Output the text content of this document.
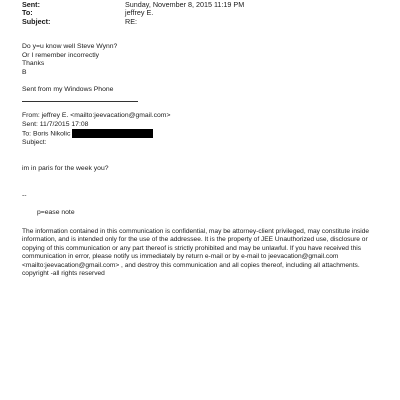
Sent:	Sunday, November 8, 2015 11:19 PM
To:	jeffrey E.
Subject:	RE:
Do y=u know well Steve Wynn?
Or I remember incorrectly
Thanks
B
Sent from my Windows Phone
From: jeffrey E. <mailto:jeevacation@gmail.com>
Sent: 11/7/2015 17:08
To: Boris Nikolic
Subject:
im in paris for the week you?
--
p=ease note
The information contained in this communication is confidential, may be attorney-client privileged, may constitute inside information, and is intended only for the use of the addressee. It is the property of JEE Unauthorized use, disclosure or copying of this communication or any part thereof is strictly prohibited and may be unlawful. If you have received this communication in error, please notify us immediately by return e-mail or by e-mail to jeevacation@gmail.com <mailto:jeevacation@gmail.com> , and destroy this communication and all copies thereof, including all attachments. copyright -all rights reserved
